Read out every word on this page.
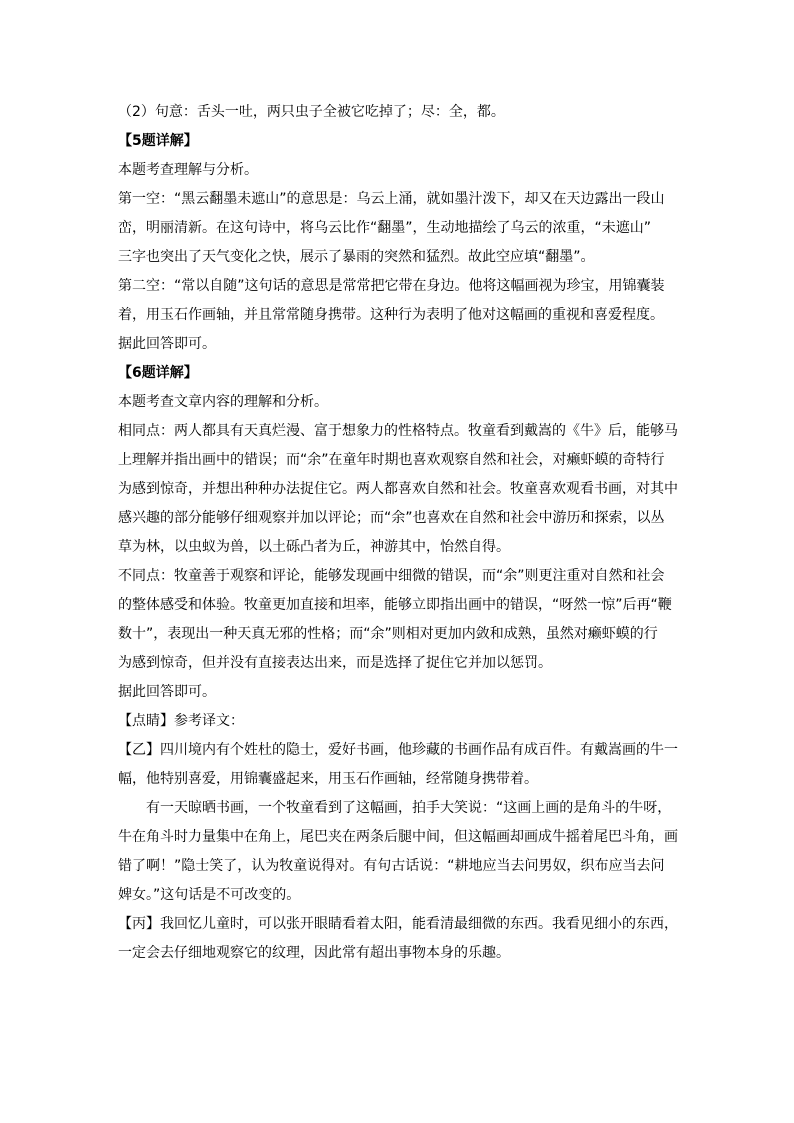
（2）句意：舌头一吐，两只虫子全被它吃掉了；尽：全，都。

【5题详解】

本题考查理解与分析。

第一空：“黑云翻墨未遮山”的意思是：乌云上涌，就如墨汁泼下，却又在天边露出一段山

峦，明丽清新。在这句诗中，将乌云比作“翻墨”，生动地描绘了乌云的浓重，“未遮山”

三字也突出了天气变化之快，展示了暴雨的突然和猛烈。故此空应填“翻墨”。

第二空：“常以自随”这句话的意思是常常把它带在身边。他将这幅画视为珍宝，用锦囊装

着，用玉石作画轴，并且常常随身携带。这种行为表明了他对这幅画的重视和喜爱程度。

据此回答即可。

【6题详解】

本题考查文章内容的理解和分析。

相同点：两人都具有天真烂漫、富于想象力的性格特点。牧童看到戴嵩的《牛》后，能够马

上理解并指出画中的错误；而“余”在童年时期也喜欢观察自然和社会，对癞虾蟆的奇特行

为感到惊奇，并想出种种办法捉住它。两人都喜欢自然和社会。牧童喜欢观看书画，对其中

感兴趣的部分能够仔细观察并加以评论；而“余”也喜欢在自然和社会中游历和探索，以丛

草为林，以虫蚁为兽，以土砾凸者为丘，神游其中，怡然自得。

不同点：牧童善于观察和评论，能够发现画中细微的错误，而“余”则更注重对自然和社会

的整体感受和体验。牧童更加直接和坦率，能够立即指出画中的错误，“呀然一惊”后再“鞭

数十”，表现出一种天真无邪的性格；而“余”则相对更加内敛和成熟，虽然对癞虾蟆的行

为感到惊奇，但并没有直接表达出来，而是选择了捉住它并加以惩罚。

据此回答即可。

【点睛】参考译文：

【乙】四川境内有个姓杜的隐士，爱好书画，他珍藏的书画作品有成百件。有戴嵩画的牛一

幅，他特别喜爱，用锦囊盛起来，用玉石作画轴，经常随身携带着。

有一天晾晒书画，一个牧童看到了这幅画，拍手大笑说：“这画上画的是角斗的牛呀，

牛在角斗时力量集中在角上，尾巴夹在两条后腿中间，但这幅画却画成牛摇着尾巴斗角，画

错了啊！”隐士笑了，认为牧童说得对。有句古话说：“耕地应当去问男奴，织布应当去问

婢女。”这句话是不可改变的。

【丙】我回忆儿童时，可以张开眼睛看着太阳，能看清最细微的东西。我看见细小的东西，

一定会去仔细地观察它的纹理，因此常有超出事物本身的乐趣。
